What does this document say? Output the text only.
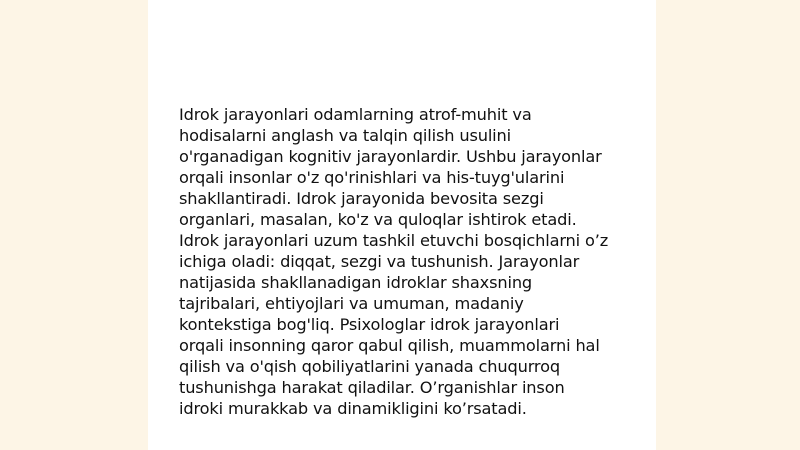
Idrok jarayonlari odamlarning atrof-muhit va
hodisalarni anglash va talqin qilish usulini
o'rganadigan kognitiv jarayonlardir. Ushbu jarayonlar
orqali insonlar o'z qo'rinishlari va his-tuyg'ularini
shakllantiradi. Idrok jarayonida bevosita sezgi
organlari, masalan, ko'z va quloqlar ishtirok etadi.
Idrok jarayonlari uzum tashkil etuvchi bosqichlarni o’z
ichiga oladi: diqqat, sezgi va tushunish. Jarayonlar
natijasida shakllanadigan idroklar shaxsning
tajribalari, ehtiyojlari va umuman, madaniy
kontekstiga bog'liq. Psixologlar idrok jarayonlari
orqali insonning qaror qabul qilish, muammolarni hal
qilish va o'qish qobiliyatlarini yanada chuqurroq
tushunishga harakat qiladilar. O’rganishlar inson
idroki murakkab va dinamikligini ko’rsatadi.
